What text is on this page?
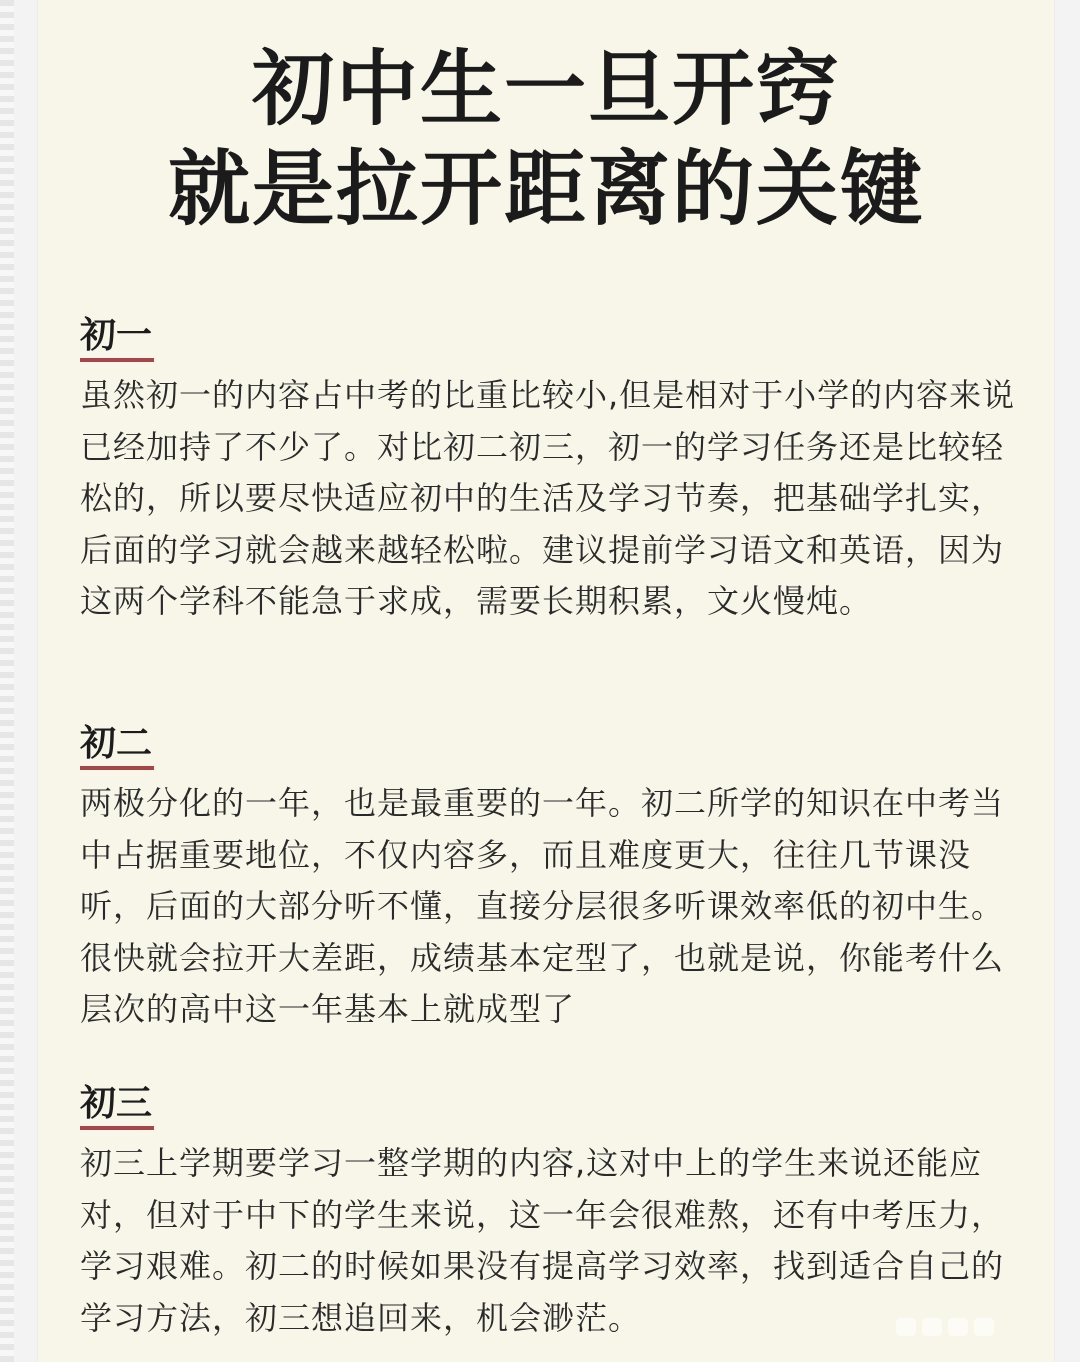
初中生一旦开窍
就是拉开距离的关键
初一

虽然初一的内容占中考的比重比较小,但是相对于小学的内容来说已经加持了不少了。对比初二初三，初一的学习任务还是比较轻松的，所以要尽快适应初中的生活及学习节奏，把基础学扎实，后面的学习就会越来越轻松啦。建议提前学习语文和英语，因为这两个学科不能急于求成，需要长期积累，文火慢炖。

初二

两极分化的一年，也是最重要的一年。初二所学的知识在中考当中占据重要地位，不仅内容多，而且难度更大，往往几节课没听，后面的大部分听不懂，直接分层很多听课效率低的初中生。很快就会拉开大差距，成绩基本定型了，也就是说，你能考什么层次的高中这一年基本上就成型了

初三

初三上学期要学习一整学期的内容,这对中上的学生来说还能应对，但对于中下的学生来说，这一年会很难熬，还有中考压力，学习艰难。初二的时候如果没有提高学习效率，找到适合自己的学习方法，初三想追回来，机会渺茫。
